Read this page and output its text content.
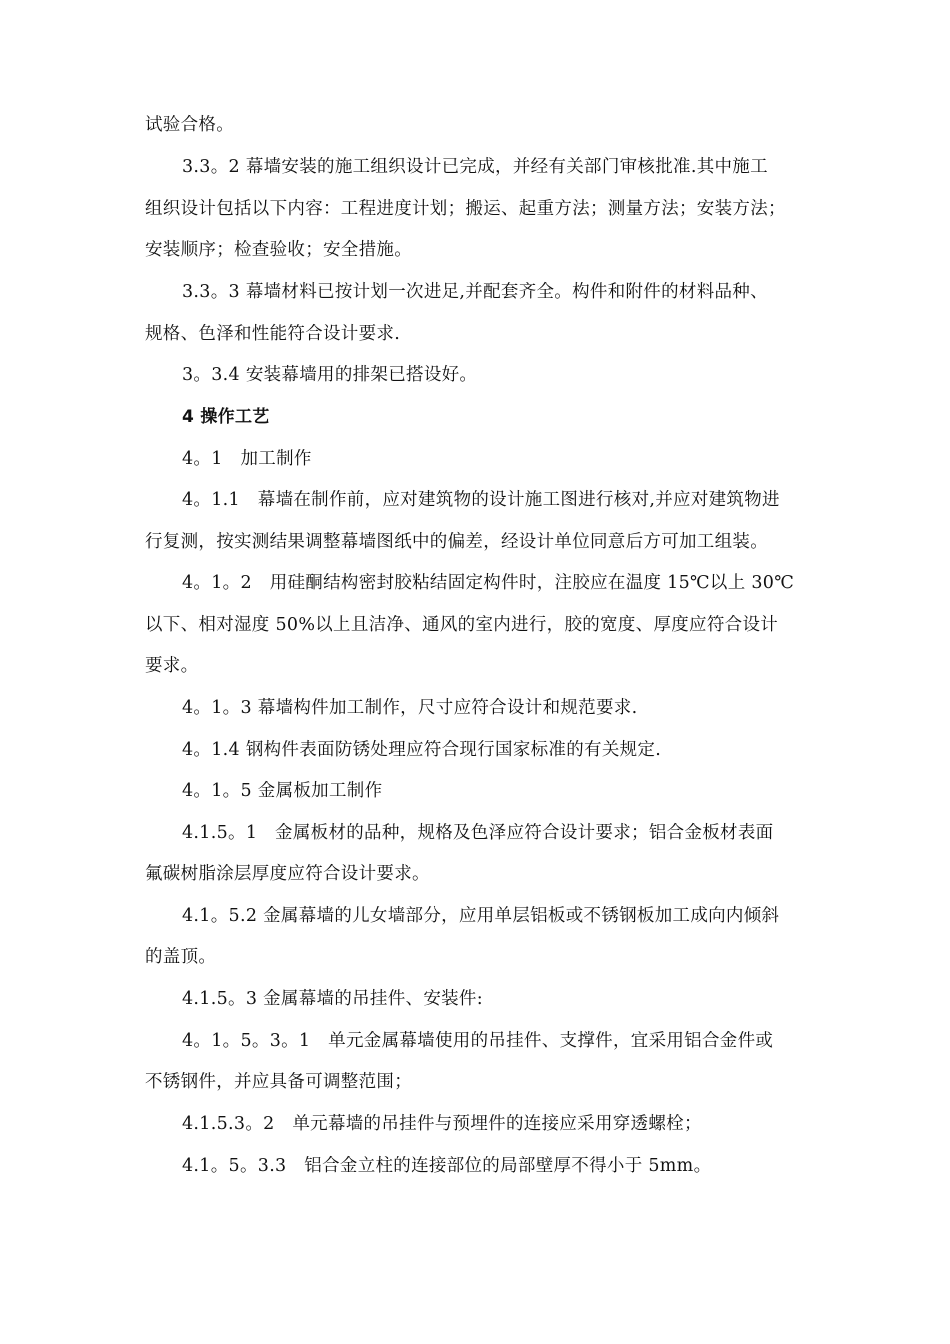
试验合格。
3.3。2 幕墙安装的施工组织设计已完成，并经有关部门审核批准.其中施工
组织设计包括以下内容：工程进度计划；搬运、起重方法；测量方法；安装方法；
安装顺序；检查验收；安全措施。
3.3。3 幕墙材料已按计划一次进足,并配套齐全。构件和附件的材料品种、
规格、色泽和性能符合设计要求.
3。3.4 安装幕墙用的排架已搭设好。
4 操作工艺
4。1　加工制作
4。1.1　幕墙在制作前，应对建筑物的设计施工图进行核对,并应对建筑物进
行复测，按实测结果调整幕墙图纸中的偏差，经设计单位同意后方可加工组装。
4。1。2　用硅酮结构密封胶粘结固定构件时，注胶应在温度 15℃以上 30℃
以下、相对湿度 50%以上且洁净、通风的室内进行，胶的宽度、厚度应符合设计
要求。
4。1。3 幕墙构件加工制作，尺寸应符合设计和规范要求.
4。1.4 钢构件表面防锈处理应符合现行国家标准的有关规定.
4。1。5 金属板加工制作
4.1.5。1　金属板材的品种，规格及色泽应符合设计要求；铝合金板材表面
氟碳树脂涂层厚度应符合设计要求。
4.1。5.2 金属幕墙的儿女墙部分，应用单层铝板或不锈钢板加工成向内倾斜
的盖顶。
4.1.5。3 金属幕墙的吊挂件、安装件:
4。1。5。3。1　单元金属幕墙使用的吊挂件、支撑件，宜采用铝合金件或
不锈钢件，并应具备可调整范围；
4.1.5.3。2　单元幕墙的吊挂件与预埋件的连接应采用穿透螺栓；
4.1。5。3.3　铝合金立柱的连接部位的局部壁厚不得小于 5mm。
